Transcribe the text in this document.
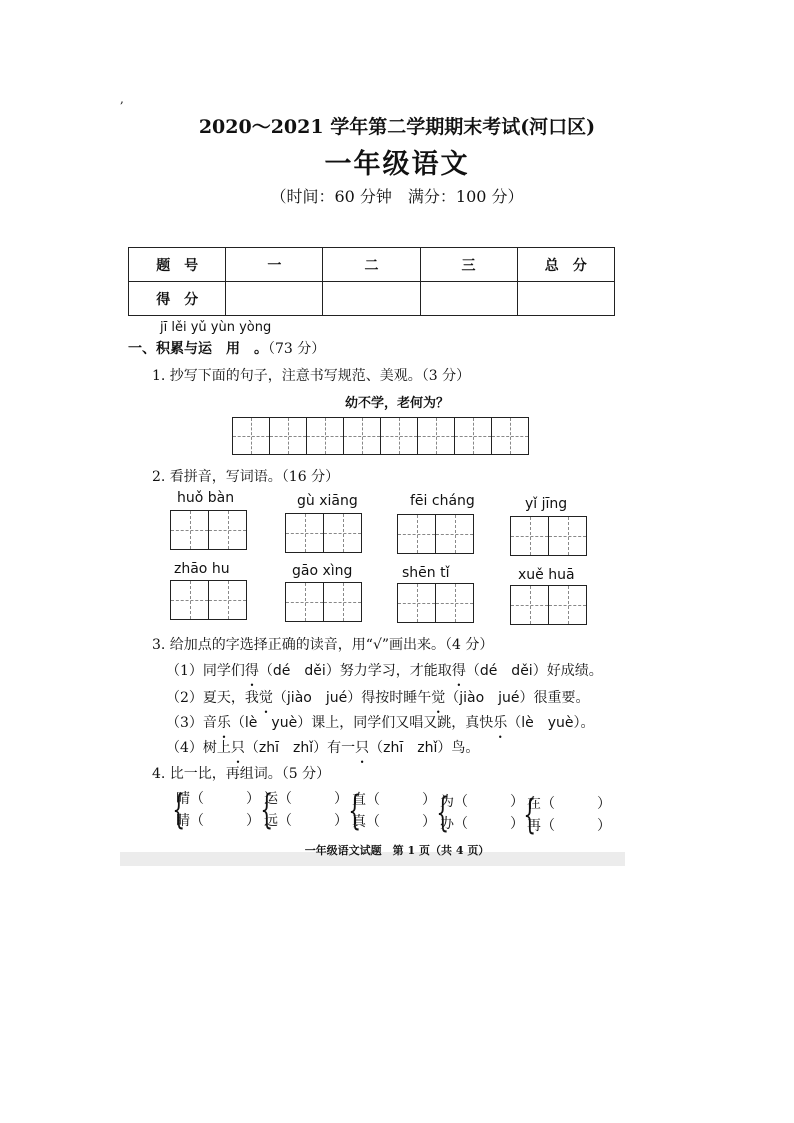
,
2020～2021 学年第二学期期末考试(河口区)
一年级语文
（时间：60 分钟　满分：100 分）
题　号	一	二	三	总　分
得　分				
jī lěi yǔ yùn yòng
一、积累与运　用　。（73 分）
1. 抄写下面的句子，注意书写规范、美观。（3 分）
幼不学，老何为？
2. 看拼音，写词语。（16 分）
huǒ bàn	gù xiāng	fēi cháng	yǐ jīng
zhāo hu	gāo xìng	shēn tǐ	xuě huā
3. 给加点的字选择正确的读音，用“√”画出来。（4 分）
（1）同学们得（dé　děi）努力学习，才能取得（dé　děi）好成绩。
（2）夏天，我觉（jiào　jué）得按时睡午觉（jiào　jué）很重要。
（3）音乐（lè　yuè）课上，同学们又唱又跳，真快乐（lè　yuè）。
（4）树上只（zhī　zhǐ）有一只（zhī　zhǐ）鸟。
4. 比一比，再组词。（5 分）
{
晴（　　　）
睛（　　　） {
运（　　　）
远（　　　） {
直（　　　）
真（　　　） {
为（　　　）
办（　　　） {
在（　　　）
再（　　　）
一年级语文试题　第 1 页（共 4 页）
